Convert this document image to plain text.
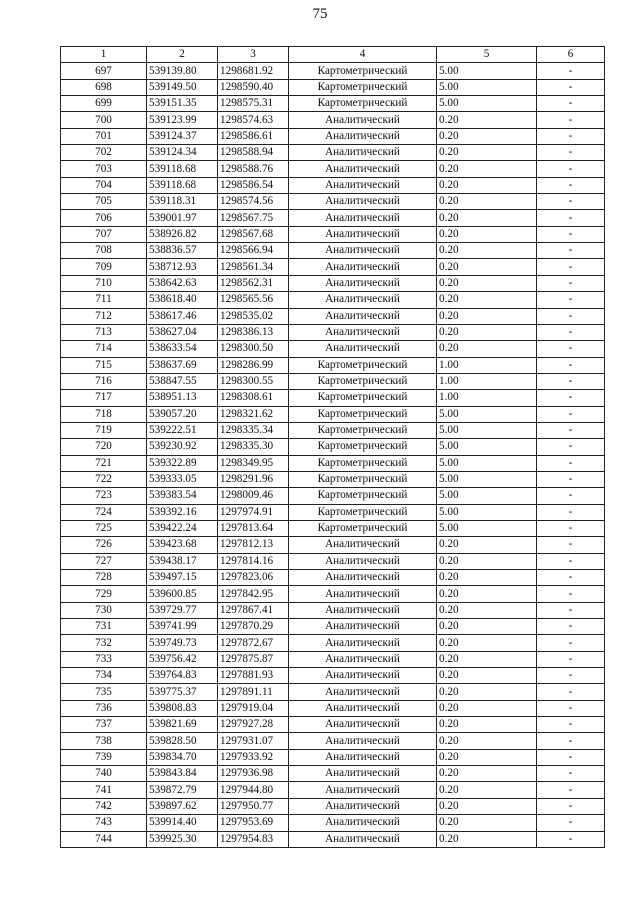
75
1	2	3	4	5	6
697	539139.80	1298681.92	Картометрический	5.00	-
698	539149.50	1298590.40	Картометрический	5.00	-
699	539151.35	1298575.31	Картометрический	5.00	-
700	539123.99	1298574.63	Аналитический	0.20	-
701	539124.37	1298586.61	Аналитический	0.20	-
702	539124.34	1298588.94	Аналитический	0.20	-
703	539118.68	1298588.76	Аналитический	0.20	-
704	539118.68	1298586.54	Аналитический	0.20	-
705	539118.31	1298574.56	Аналитический	0.20	-
706	539001.97	1298567.75	Аналитический	0.20	-
707	538926.82	1298567.68	Аналитический	0.20	-
708	538836.57	1298566.94	Аналитический	0.20	-
709	538712.93	1298561.34	Аналитический	0.20	-
710	538642.63	1298562.31	Аналитический	0.20	-
711	538618.40	1298565.56	Аналитический	0.20	-
712	538617.46	1298535.02	Аналитический	0.20	-
713	538627.04	1298386.13	Аналитический	0.20	-
714	538633.54	1298300.50	Аналитический	0.20	-
715	538637.69	1298286.99	Картометрический	1.00	-
716	538847.55	1298300.55	Картометрический	1.00	-
717	538951.13	1298308.61	Картометрический	1.00	-
718	539057.20	1298321.62	Картометрический	5.00	-
719	539222.51	1298335.34	Картометрический	5.00	-
720	539230.92	1298335.30	Картометрический	5.00	-
721	539322.89	1298349.95	Картометрический	5.00	-
722	539333.05	1298291.96	Картометрический	5.00	-
723	539383.54	1298009.46	Картометрический	5.00	-
724	539392.16	1297974.91	Картометрический	5.00	-
725	539422.24	1297813.64	Картометрический	5.00	-
726	539423.68	1297812.13	Аналитический	0.20	-
727	539438.17	1297814.16	Аналитический	0.20	-
728	539497.15	1297823.06	Аналитический	0.20	-
729	539600.85	1297842.95	Аналитический	0.20	-
730	539729.77	1297867.41	Аналитический	0.20	-
731	539741.99	1297870.29	Аналитический	0.20	-
732	539749.73	1297872.67	Аналитический	0.20	-
733	539756.42	1297875.87	Аналитический	0.20	-
734	539764.83	1297881.93	Аналитический	0.20	-
735	539775.37	1297891.11	Аналитический	0.20	-
736	539808.83	1297919.04	Аналитический	0.20	-
737	539821.69	1297927.28	Аналитический	0.20	-
738	539828.50	1297931.07	Аналитический	0.20	-
739	539834.70	1297933.92	Аналитический	0.20	-
740	539843.84	1297936.98	Аналитический	0.20	-
741	539872.79	1297944.80	Аналитический	0.20	-
742	539897.62	1297950.77	Аналитический	0.20	-
743	539914.40	1297953.69	Аналитический	0.20	-
744	539925.30	1297954.83	Аналитический	0.20	-
